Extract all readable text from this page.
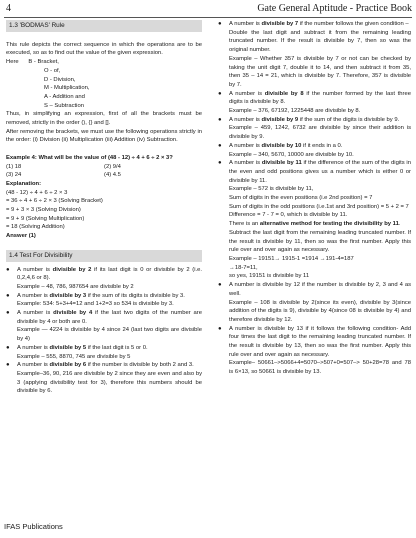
4	Gate General Aptitude - Practice Book
1.3 'BODMAS' Rule
This rule depicts the correct sequence in which the operations are to be executed, so as to find out the value of the given expression.
Here      B - Bracket,
O - of,
D - Division,
M - Multiplication,
A - Addition and
S – Subtraction
Thus, in simplifying an expression, first of all the brackets must be removed, strictly in the order (), {} and [].
After removing the brackets, we must use the following operations strictly in the order: (i) Division (ii) Multiplication (iii) Addition (iv) Subtraction.
Example 4: What will be the value of (48 - 12) ÷ 4 + 6 ÷ 2 × 3?
(1) 18	(2) 9/4
(3) 24	(4) 4.5
Explanation:
(48 - 12) ÷ 4 + 6 ÷ 2 × 3
= 36 ÷ 4 + 6 ÷ 2 × 3 (Solving Bracket)
= 9 + 3 × 3 (Solving Division)
= 9 + 9 (Solving Multiplication)
= 18 (Solving Addition)
Answer (1)
1.4 Test For Divisibility
● A number is divisible by 2 if its last digit is 0 or divisible by 2 (i.e. 0,2,4,6 or 8).
Example – 48, 786, 987654 are divisible by 2
● A number is divisible by 3 if the sum of its digits is divisible by 3.
Example: 534: 5+3+4=12 and 1+2=3 so 534 is divisible by 3.
● A number is divisible by 4 if the last two digits of the number are divisible by 4 or both are 0.
Example — 4224 is divisible by 4 since 24 (last two digits are divisible by 4)
● A number is divisible by 5 if the last digit is 5 or 0.
Example – 555, 8870, 745 are divisible by 5
● A number is divisible by 6 if the number is divisible by both 2 and 3.
Example–36, 90, 216 are divisible by 2 since they are even and also by 3 (applying divisibility test for 3), therefore this numbers should be divisible by 6.
● A number is divisible by 7 if the number follows the given condition –
Double the last digit and subtract it from the remaining leading truncated number. If the result is divisible by 7, then so was the original number.
Example – Whether 357 is divisible by 7 or not can be checked by taking the unit digit 7, double it to 14, and then subtract it from 35, then 35 – 14 = 21, which is divisible by 7. Therefore, 357 is divisible by 7.
● A number is divisible by 8 if the number formed by the last three digits is divisible by 8.
Example – 376, 67192, 1225448 are divisible by 8.
● A number is divisible by 9 if the sum of the digits is divisible by 9.
Example – 459, 1242, 6732 are divisible by since their addition is divisible by 9.
● A number is divisible by 10 if it ends in a 0.
Example – 340, 5670, 10000 are divisible by 10.
● A number is divisible by 11 if the difference of the sum of the digits in the even and odd positions gives us a number which is either 0 or divisible by 11.
Example – 572 is divisible by 11,
Sum of digits in the even positions (i.e 2nd position) = 7
Sum of digits in the odd positions (i.e.1st and 3rd position) = 5 + 2 = 7
Difference = 7 - 7 = 0, which is divisible by 11.
There is an alternative method for testing the divisibility by 11.
Subtract the last digit from the remaining leading truncated number. If the result is divisible by 11, then so was the first number. Apply this rule over and over again as necessary.
Example – 19151→ 1915-1 =1914 →191-4=187
→18-7=11,
so yes, 19151 is divisible by 11
● A number is divisible by 12 if the number is divisible by 2, 3 and 4 as well.
Example – 108 is divisible by 2(since its even), divisible by 3(since addition of the digits is 9), divisible by 4(since 08 is divisible by 4) and therefore divisible by 12.
● A number is divisible by 13 if it follows the following condition- Add four times the last digit to the remaining leading truncated number. If the result is divisible by 13, then so was the first number. Apply this rule over and over again as necessary.
Example– 50661–>5066+4=5070–>507+0=507–> 50+28=78 and 78 is 6×13, so 50661 is divisible by 13.
IFAS Publications
